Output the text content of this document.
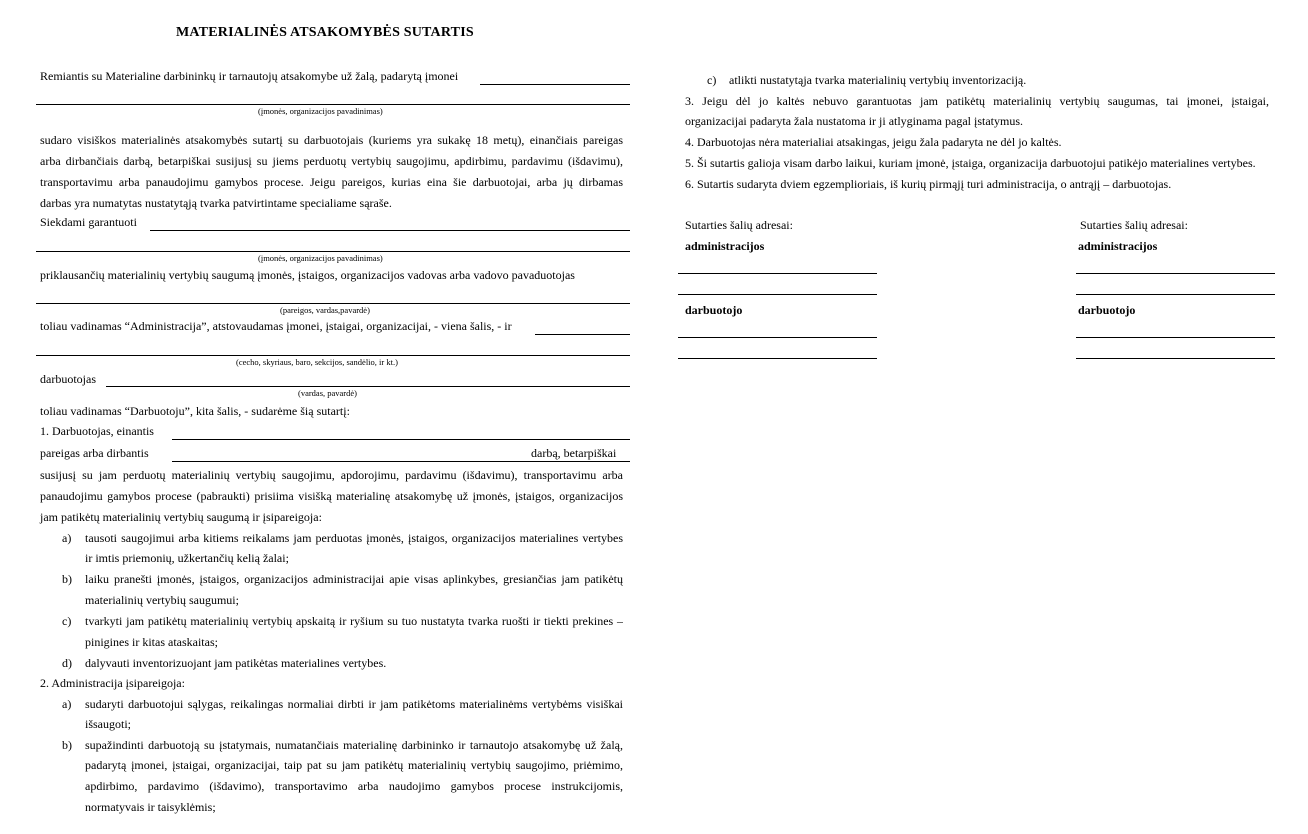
MATERIALINĖS ATSAKOMYBĖS SUTARTIS
Remiantis su Materialine darbininkų ir tarnautojų atsakomybe už žalą, padarytą įmonei
(įmonės, organizacijos pavadinimas)
sudaro visiškos materialinės atsakomybės sutartį su darbuotojais (kuriems yra sukakę 18 metų), einančiais pareigas
arba dirbančiais darbą, betarpiškai susijusį su jiems perduotų vertybių saugojimu, apdirbimu, pardavimu (išdavimu),
transportavimu arba panaudojimu gamybos procese. Jeigu pareigos, kurias eina šie darbuotojai, arba jų dirbamas
darbas yra numatytas nustatytąją tvarka patvirtintame specialiame sąraše.
Siekdami garantuoti
(įmonės, organizacijos pavadinimas)
priklausančių materialinių vertybių saugumą įmonės, įstaigos, organizacijos vadovas arba vadovo pavaduotojas
(pareigos, vardas,pavardė)
toliau vadinamas “Administracija”, atstovaudamas įmonei, įstaigai, organizacijai, - viena šalis, - ir
(cecho, skyriaus, baro, sekcijos, sandėlio, ir kt.)
darbuotojas
(vardas, pavardė)
toliau vadinamas “Darbuotoju”, kita šalis, - sudarėme šią sutartį:
1. Darbuotojas, einantis
pareigas arba dirbantis	darbą, betarpiškai
susijusį su jam perduotų materialinių vertybių saugojimu, apdorojimu, pardavimu (išdavimu), transportavimu arba
panaudojimu gamybos procese (pabraukti) prisiima visišką materialinę atsakomybę už įmonės, įstaigos, organizacijos
jam patikėtų materialinių vertybių saugumą ir įsipareigoja:
a) tausoti saugojimui arba kitiems reikalams jam perduotas įmonės, įstaigos, organizacijos materialines vertybes
ir imtis priemonių, užkertančių kelią žalai;
b) laiku pranešti įmonės, įstaigos, organizacijos administracijai apie visas aplinkybes, gresiančias jam patikėtų
materialinių vertybių saugumui;
c) tvarkyti jam patikėtų materialinių vertybių apskaitą ir ryšium su tuo nustatyta tvarka ruošti ir tiekti prekines –
pinigines ir kitas ataskaitas;
d) dalyvauti inventorizuojant jam patikėtas materialines vertybes.
2. Administracija įsipareigoja:
a) sudaryti darbuotojui sąlygas, reikalingas normaliai dirbti ir jam patikėtoms materialinėms vertybėms visiškai
išsaugoti;
b) supažindinti darbuotoją su įstatymais, numatančiais materialinę darbininko ir tarnautojo atsakomybę už žalą,
padarytą įmonei, įstaigai, organizacijai, taip pat su jam patikėtų materialinių vertybių saugojimo, priėmimo,
apdirbimo, pardavimo (išdavimo), transportavimo arba naudojimo gamybos procese instrukcijomis,
normatyvais ir taisyklėmis;
c) atlikti nustatytąja tvarka materialinių vertybių inventorizaciją.
3. Jeigu dėl jo kaltės nebuvo garantuotas jam patikėtų materialinių vertybių saugumas, tai įmonei, įstaigai,
organizacijai padaryta žala nustatoma ir ji atlyginama pagal įstatymus.
4. Darbuotojas nėra materialiai atsakingas, jeigu žala padaryta ne dėl jo kaltės.
5. Ši sutartis galioja visam darbo laikui, kuriam įmonė, įstaiga, organizacija darbuotojui patikėjo materialines vertybes.
6. Sutartis sudaryta dviem egzemplioriais, iš kurių pirmąjį turi administracija, o antrąjį – darbuotojas.
Sutarties šalių adresai:
administracijos
darbuotojo
Sutarties šalių adresai:
administracijos
darbuotojo
